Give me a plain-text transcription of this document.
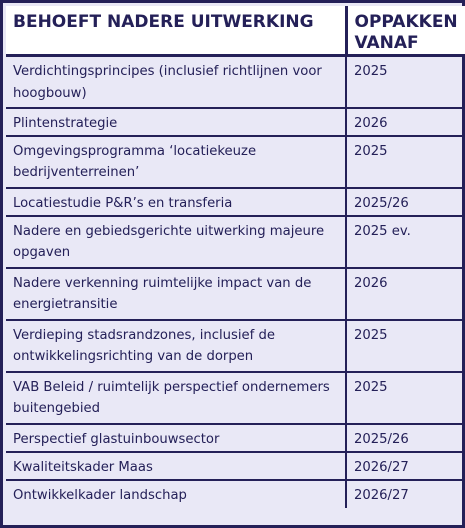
BEHOEFT NADERE UITWERKING	OPPAKKEN VANAF
Verdichtingsprincipes (inclusief richtlijnen voor hoogbouw)	2025
Plintenstrategie	2026
Omgevingsprogramma ‘locatiekeuze bedrijventerreinen’	2025
Locatiestudie P&R’s en transferia	2025/26
Nadere en gebiedsgerichte uitwerking majeure opgaven	2025 ev.
Nadere verkenning ruimtelijke impact van de energietransitie	2026
Verdieping stadsrandzones, inclusief de ontwikkelingsrichting van de dorpen	2025
VAB Beleid / ruimtelijk perspectief ondernemers buitengebied	2025
Perspectief glastuinbouwsector	2025/26
Kwaliteitskader Maas	2026/27
Ontwikkelkader landschap	2026/27
